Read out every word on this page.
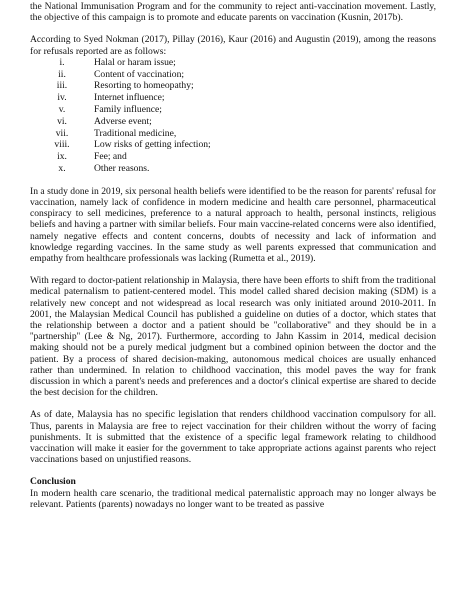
the National Immunisation Program and for the community to reject anti-vaccination movement. Lastly, the objective of this campaign is to promote and educate parents on vaccination (Kusnin, 2017b).

According to Syed Nokman (2017), Pillay (2016), Kaur (2016) and Augustin (2019), among the reasons for refusals reported are as follows:

i.	Halal or haram issue;
ii.	Content of vaccination;
iii.	Resorting to homeopathy;
iv.	Internet influence;
v.	Family influence;
vi.	Adverse event;
vii.	Traditional medicine,
viii.	Low risks of getting infection;
ix.	Fee; and
x.	Other reasons.

In a study done in 2019, six personal health beliefs were identified to be the reason for parents' refusal for vaccination, namely lack of confidence in modern medicine and health care personnel, pharmaceutical conspiracy to sell medicines, preference to a natural approach to health, personal instincts, religious beliefs and having a partner with similar beliefs. Four main vaccine-related concerns were also identified, namely negative effects and content concerns, doubts of necessity and lack of information and knowledge regarding vaccines. In the same study as well parents expressed that communication and empathy from healthcare professionals was lacking (Rumetta et al., 2019).

With regard to doctor-patient relationship in Malaysia, there have been efforts to shift from the traditional medical paternalism to patient-centered model. This model called shared decision making (SDM) is a relatively new concept and not widespread as local research was only initiated around 2010-2011. In 2001, the Malaysian Medical Council has published a guideline on duties of a doctor, which states that the relationship between a doctor and a patient should be ''collaborative'' and they should be in a ''partnership'' (Lee & Ng, 2017). Furthermore, according to Jahn Kassim in 2014, medical decision making should not be a purely medical judgment but a combined opinion between the doctor and the patient. By a process of shared decision-making, autonomous medical choices are usually enhanced rather than undermined. In relation to childhood vaccination, this model paves the way for frank discussion in which a parent's needs and preferences and a doctor's clinical expertise are shared to decide the best decision for the children.

As of date, Malaysia has no specific legislation that renders childhood vaccination compulsory for all. Thus, parents in Malaysia are free to reject vaccination for their children without the worry of facing punishments. It is submitted that the existence of a specific legal framework relating to childhood vaccination will make it easier for the government to take appropriate actions against parents who reject vaccinations based on unjustified reasons.

Conclusion

In modern health care scenario, the traditional medical paternalistic approach may no longer always be relevant. Patients (parents) nowadays no longer want to be treated as passive
